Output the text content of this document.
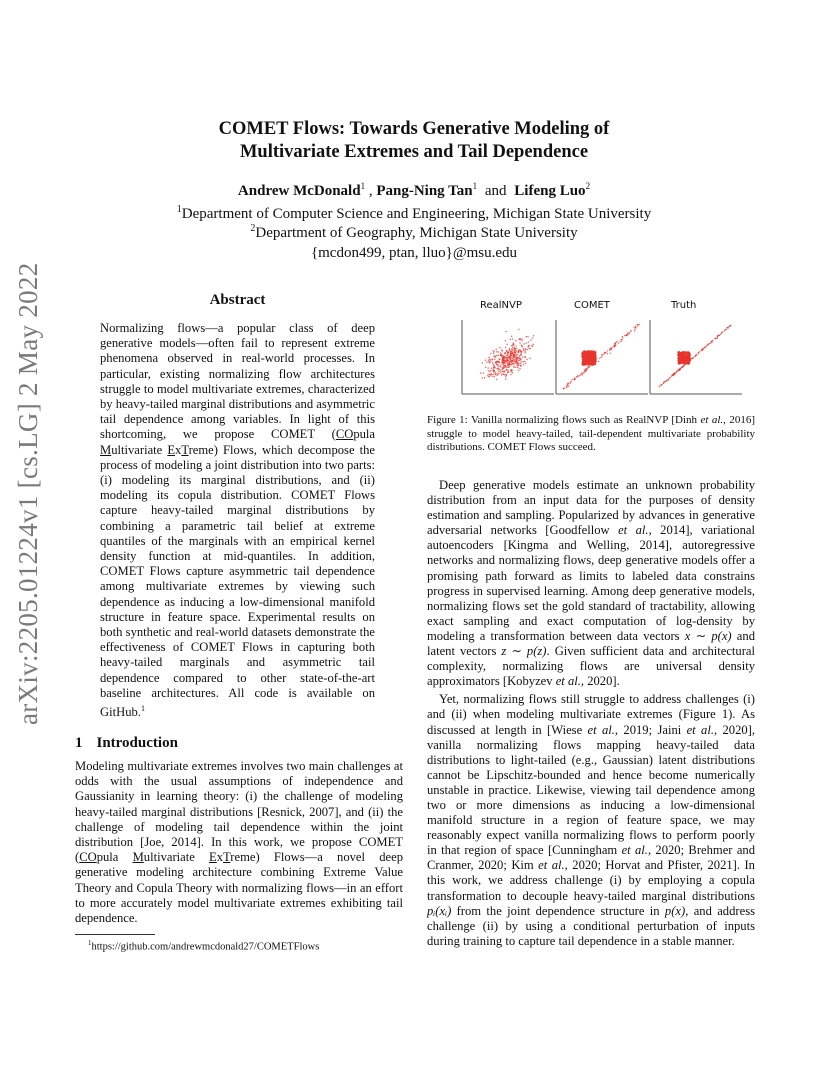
arXiv:2205.01224v1 [cs.LG] 2 May 2022
COMET Flows: Towards Generative Modeling of
Multivariate Extremes and Tail Dependence
Andrew McDonald$^1$ , Pang-Ning Tan$^1$ and Lifeng Luo$^2$
$^1$Department of Computer Science and Engineering, Michigan State University
$^2$Department of Geography, Michigan State University
{mcdon499, ptan, lluo}@msu.edu
Abstract
Normalizing flows—a popular class of deep generative models—often fail to represent extreme phenomena observed in real-world processes. In particular, existing normalizing flow architectures struggle to model multivariate extremes, characterized by heavy-tailed marginal distributions and asymmetric tail dependence among variables. In light of this shortcoming, we propose COMET (COpula Multivariate ExTreme) Flows, which decompose the process of modeling a joint distribution into two parts: (i) modeling its marginal distributions, and (ii) modeling its copula distribution. COMET Flows capture heavy-tailed marginal distributions by combining a parametric tail belief at extreme quantiles of the marginals with an empirical kernel density function at mid-quantiles. In addition, COMET Flows capture asymmetric tail dependence among multivariate extremes by viewing such dependence as inducing a low-dimensional manifold structure in feature space. Experimental results on both synthetic and real-world datasets demonstrate the effectiveness of COMET Flows in capturing both heavy-tailed marginals and asymmetric tail dependence compared to other state-of-the-art baseline architectures. All code is available on GitHub.$^1$
1 Introduction
Modeling multivariate extremes involves two main challenges at odds with the usual assumptions of independence and Gaussianity in learning theory: (i) the challenge of modeling heavy-tailed marginal distributions [Resnick, 2007], and (ii) the challenge of modeling tail dependence within the joint distribution [Joe, 2014]. In this work, we propose COMET (COpula Multivariate ExTreme) Flows—a novel deep generative modeling architecture combining Extreme Value Theory and Copula Theory with normalizing flows—in an effort to more accurately model multivariate extremes exhibiting tail dependence.
$^1$https://github.com/andrewmcdonald27/COMETFlows
RealNVP	COMET	Truth
Figure 1: Vanilla normalizing flows such as RealNVP [Dinh et al., 2016] struggle to model heavy-tailed, tail-dependent multivariate probability distributions. COMET Flows succeed.

Deep generative models estimate an unknown probability distribution from an input data for the purposes of density estimation and sampling. Popularized by advances in generative adversarial networks [Goodfellow et al., 2014], variational autoencoders [Kingma and Welling, 2014], autoregressive networks and normalizing flows, deep generative models offer a promising path forward as limits to labeled data constrains progress in supervised learning. Among deep generative models, normalizing flows set the gold standard of tractability, allowing exact sampling and exact computation of log-density by modeling a transformation between data vectors x ∼ p(x) and latent vectors z ∼ p(z). Given sufficient data and architectural complexity, normalizing flows are universal density approximators [Kobyzev et al., 2020].

Yet, normalizing flows still struggle to address challenges (i) and (ii) when modeling multivariate extremes (Figure 1). As discussed at length in [Wiese et al., 2019; Jaini et al., 2020], vanilla normalizing flows mapping heavy-tailed data distributions to light-tailed (e.g., Gaussian) latent distributions cannot be Lipschitz-bounded and hence become numerically unstable in practice. Likewise, viewing tail dependence among two or more dimensions as inducing a low-dimensional manifold structure in a region of feature space, we may reasonably expect vanilla normalizing flows to perform poorly in that region of space [Cunningham et al., 2020; Brehmer and Cranmer, 2020; Kim et al., 2020; Horvat and Pfister, 2021]. In this work, we address challenge (i) by employing a copula transformation to decouple heavy-tailed marginal distributions pᵢ(xᵢ) from the joint dependence structure in p(x), and address challenge (ii) by using a conditional perturbation of inputs during training to capture tail dependence in a stable manner.
